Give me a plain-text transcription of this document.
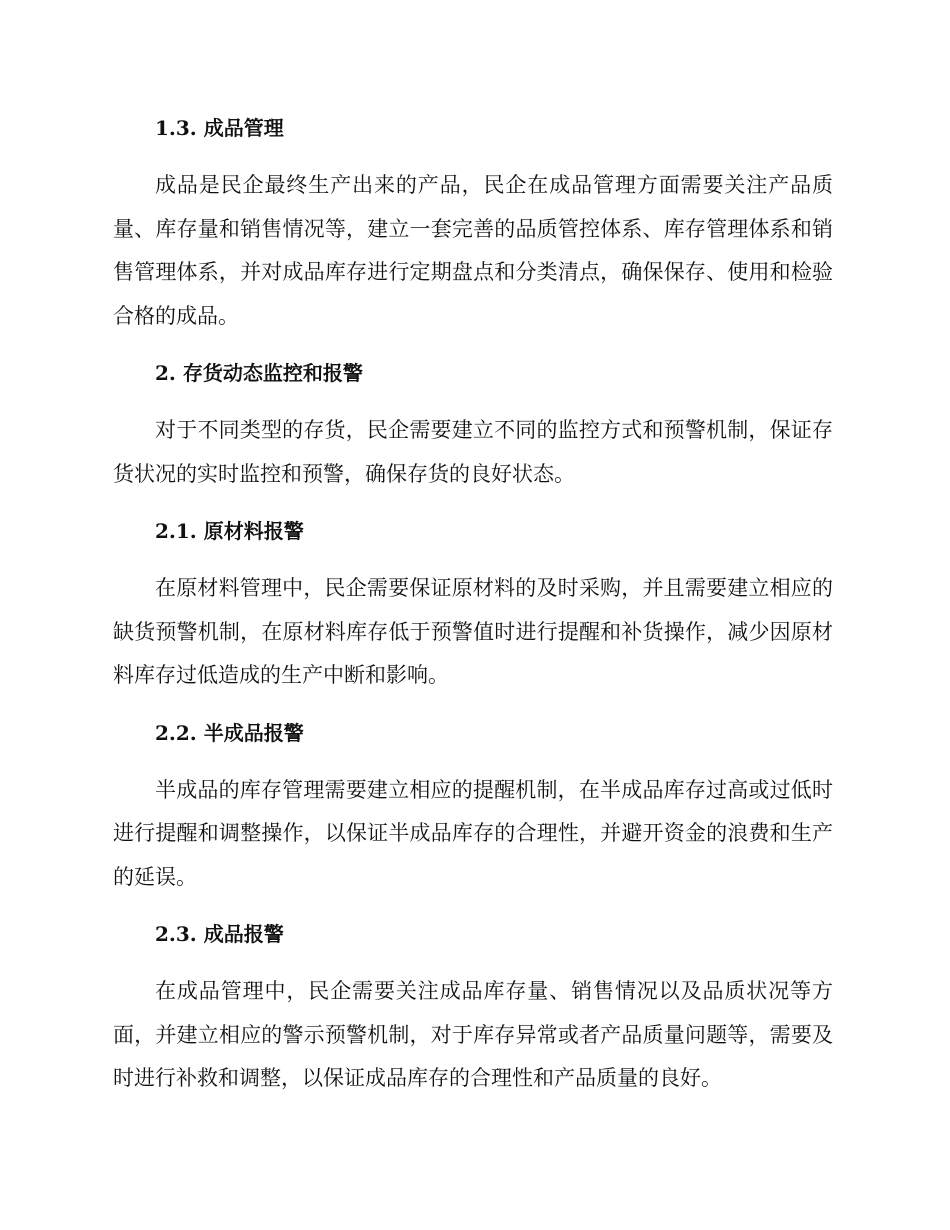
1.3. 成品管理

成品是民企最终生产出来的产品，民企在成品管理方面需要关注产品质量、库存量和销售情况等，建立一套完善的品质管控体系、库存管理体系和销售管理体系，并对成品库存进行定期盘点和分类清点，确保保存、使用和检验合格的成品。

2. 存货动态监控和报警

对于不同类型的存货，民企需要建立不同的监控方式和预警机制，保证存货状况的实时监控和预警，确保存货的良好状态。

2.1. 原材料报警

在原材料管理中，民企需要保证原材料的及时采购，并且需要建立相应的缺货预警机制，在原材料库存低于预警值时进行提醒和补货操作，减少因原材料库存过低造成的生产中断和影响。

2.2. 半成品报警

半成品的库存管理需要建立相应的提醒机制，在半成品库存过高或过低时进行提醒和调整操作，以保证半成品库存的合理性，并避开资金的浪费和生产的延误。

2.3. 成品报警

在成品管理中，民企需要关注成品库存量、销售情况以及品质状况等方面，并建立相应的警示预警机制，对于库存异常或者产品质量问题等，需要及时进行补救和调整，以保证成品库存的合理性和产品质量的良好。
